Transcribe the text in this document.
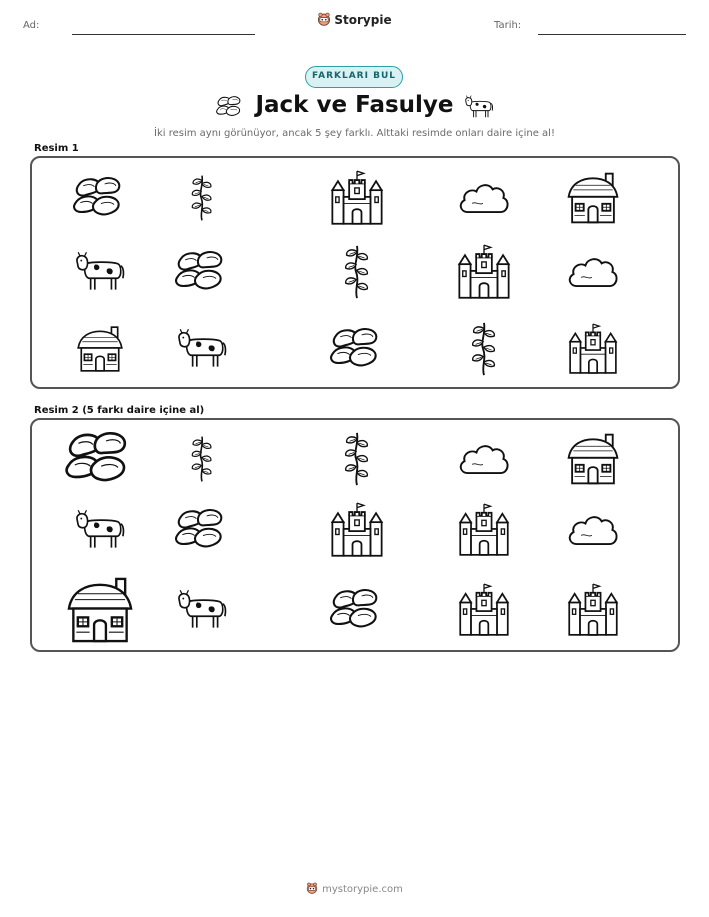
Ad:	Storypie	Tarih:
FARKLARI BUL
Jack ve Fasulye
İki resim aynı görünüyor, ancak 5 şey farklı. Alttaki resimde onları daire içine al!
Resim 1
Resim 2 (5 farkı daire içine al)
mystorypie.com
